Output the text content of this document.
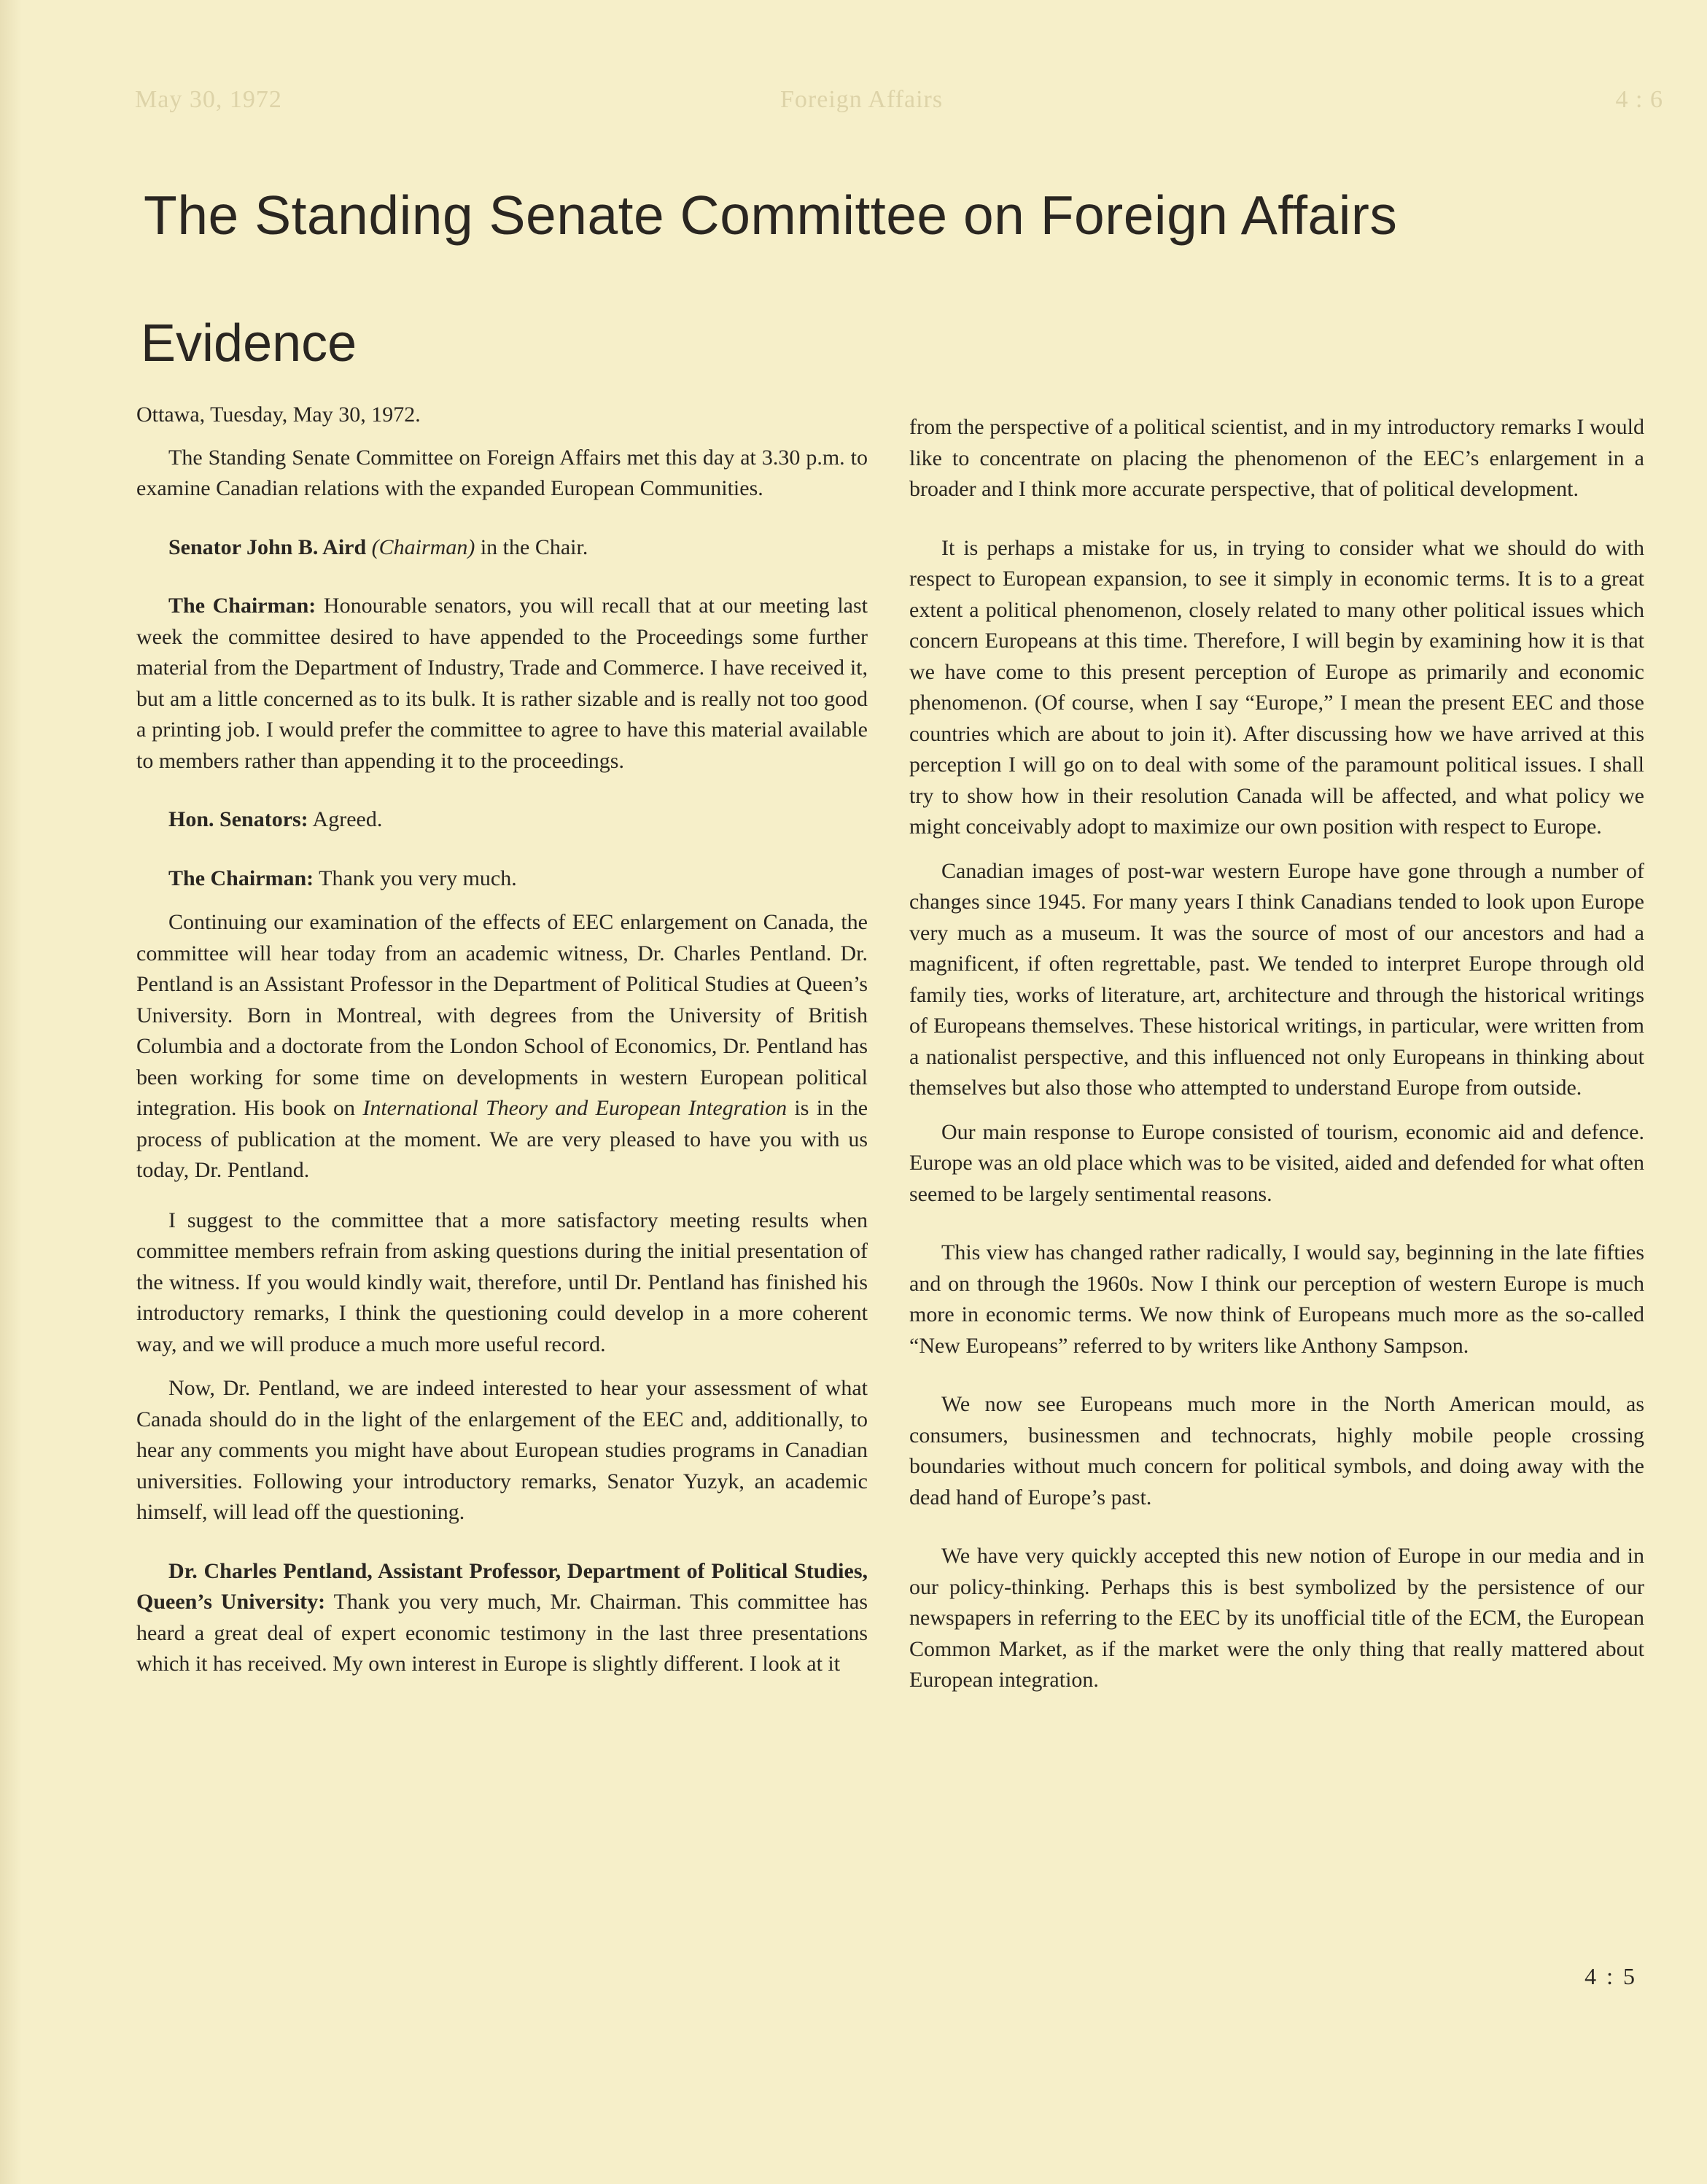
May 30, 1972	Foreign Affairs	4 : 6
The Standing Senate Committee on Foreign Affairs
Evidence

Ottawa, Tuesday, May 30, 1972.

The Standing Senate Committee on Foreign Affairs met this day at 3.30 p.m. to examine Canadian relations with the expanded European Communities.

Senator John B. Aird (Chairman) in the Chair.

The Chairman: Honourable senators, you will recall that at our meeting last week the committee desired to have appended to the Proceedings some further material from the Department of Industry, Trade and Commerce. I have received it, but am a little concerned as to its bulk. It is rather sizable and is really not too good a printing job. I would prefer the committee to agree to have this material available to members rather than appending it to the proceedings.

Hon. Senators: Agreed.

The Chairman: Thank you very much.

Continuing our examination of the effects of EEC enlargement on Canada, the committee will hear today from an academic witness, Dr. Charles Pentland. Dr. Pentland is an Assistant Professor in the Department of Political Studies at Queen’s University. Born in Montreal, with degrees from the University of British Columbia and a doctorate from the London School of Economics, Dr. Pentland has been working for some time on developments in western European political integration. His book on International Theory and European Integration is in the process of publication at the moment. We are very pleased to have you with us today, Dr. Pentland.

I suggest to the committee that a more satisfactory meeting results when committee members refrain from asking questions during the initial presentation of the witness. If you would kindly wait, therefore, until Dr. Pentland has finished his introductory remarks, I think the questioning could develop in a more coherent way, and we will produce a much more useful record.

Now, Dr. Pentland, we are indeed interested to hear your assessment of what Canada should do in the light of the enlargement of the EEC and, additionally, to hear any comments you might have about European studies programs in Canadian universities. Following your introductory remarks, Senator Yuzyk, an academic himself, will lead off the questioning.

Dr. Charles Pentland, Assistant Professor, Department of Political Studies, Queen’s University: Thank you very much, Mr. Chairman. This committee has heard a great deal of expert economic testimony in the last three presentations which it has received. My own interest in Europe is slightly different. I look at it

from the perspective of a political scientist, and in my introductory remarks I would like to concentrate on placing the phenomenon of the EEC’s enlargement in a broader and I think more accurate perspective, that of political development.

It is perhaps a mistake for us, in trying to consider what we should do with respect to European expansion, to see it simply in economic terms. It is to a great extent a political phenomenon, closely related to many other political issues which concern Europeans at this time. Therefore, I will begin by examining how it is that we have come to this present perception of Europe as primarily and economic phenomenon. (Of course, when I say “Europe,” I mean the present EEC and those countries which are about to join it). After discussing how we have arrived at this perception I will go on to deal with some of the paramount political issues. I shall try to show how in their resolution Canada will be affected, and what policy we might conceivably adopt to maximize our own position with respect to Europe.

Canadian images of post-war western Europe have gone through a number of changes since 1945. For many years I think Canadians tended to look upon Europe very much as a museum. It was the source of most of our ancestors and had a magnificent, if often regrettable, past. We tended to interpret Europe through old family ties, works of literature, art, architecture and through the historical writings of Europeans themselves. These historical writings, in particular, were written from a nationalist perspective, and this influenced not only Europeans in thinking about themselves but also those who attempted to understand Europe from outside.

Our main response to Europe consisted of tourism, economic aid and defence. Europe was an old place which was to be visited, aided and defended for what often seemed to be largely sentimental reasons.

This view has changed rather radically, I would say, beginning in the late fifties and on through the 1960s. Now I think our perception of western Europe is much more in economic terms. We now think of Europeans much more as the so-called “New Europeans” referred to by writers like Anthony Sampson.

We now see Europeans much more in the North American mould, as consumers, businessmen and technocrats, highly mobile people crossing boundaries without much concern for political symbols, and doing away with the dead hand of Europe’s past.

We have very quickly accepted this new notion of Europe in our media and in our policy-thinking. Perhaps this is best symbolized by the persistence of our newspapers in referring to the EEC by its unofficial title of the ECM, the European Common Market, as if the market were the only thing that really mattered about European integration.

4 : 5
